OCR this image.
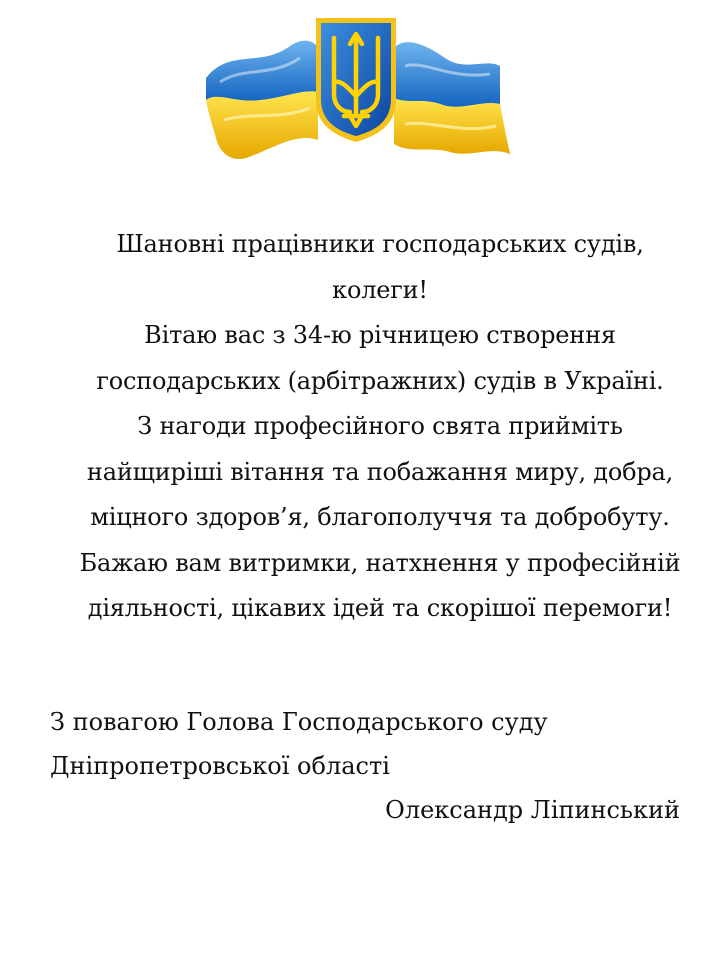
Шановні працівники господарських судів,
колеги!
Вітаю вас з 34-ю річницею створення
господарських (арбітражних) судів в Україні.
З нагоди професійного свята прийміть
найщиріші вітання та побажання миру, добра,
міцного здоров’я, благополуччя та добробуту.
Бажаю вам витримки, натхнення у професійній
діяльності, цікавих ідей та скорішої перемоги!
З повагою Голова Господарського суду
Дніпропетровської області
Олександр Ліпинський
